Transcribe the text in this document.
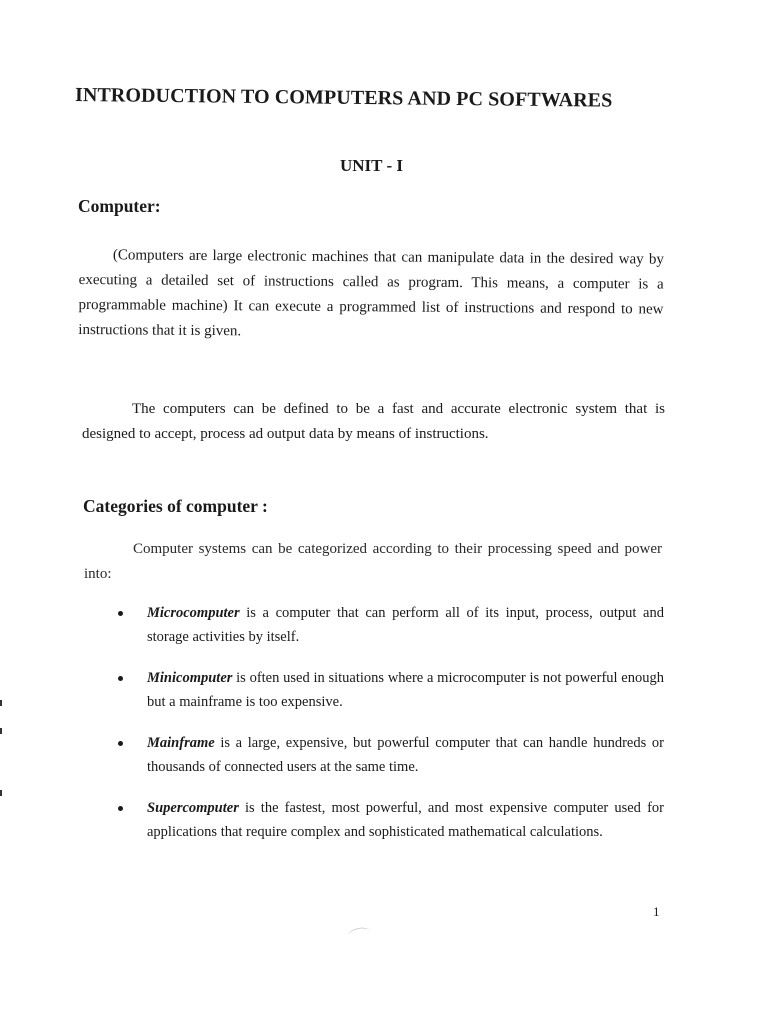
INTRODUCTION TO COMPUTERS AND PC SOFTWARES
UNIT - I
Computer:

(Computers are large electronic machines that can manipulate data in the desired way by executing a detailed set of instructions called as program. This means, a computer is a programmable machine) It can execute a programmed list of instructions and respond to new instructions that it is given.

The computers can be defined to be a fast and accurate electronic system that is designed to accept, process ad output data by means of instructions.

Categories of computer :

Computer systems can be categorized according to their processing speed and power into:

Microcomputer is a computer that can perform all of its input, process, output and storage activities by itself.
Minicomputer is often used in situations where a microcomputer is not powerful enough but a mainframe is too expensive.
Mainframe is a large, expensive, but powerful computer that can handle hundreds or thousands of connected users at the same time.
Supercomputer is the fastest, most powerful, and most expensive computer used for applications that require complex and sophisticated mathematical calculations.
1
